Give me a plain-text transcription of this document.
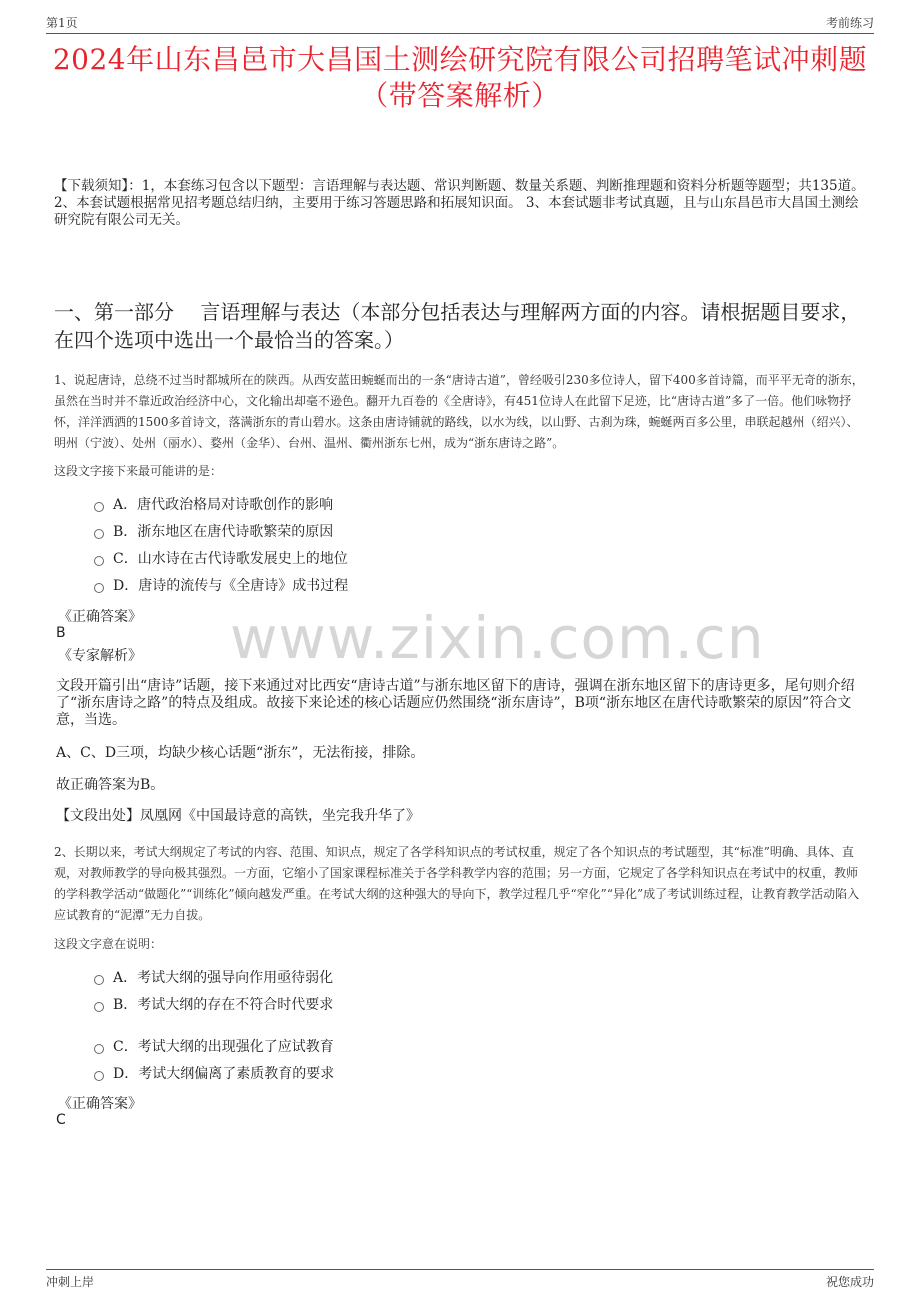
第1页	考前练习
2024年山东昌邑市大昌国土测绘研究院有限公司招聘笔试冲刺题（带答案解析）
【下载须知】：1，本套练习包含以下题型：言语理解与表达题、常识判断题、数量关系题、判断推理题和资料分析题等题型；共135道。 2、本套试题根据常见招考题总结归纳，主要用于练习答题思路和拓展知识面。 3、本套试题非考试真题，且与山东昌邑市大昌国土测绘研究院有限公司无关。
一、第一部分　 言语理解与表达（本部分包括表达与理解两方面的内容。请根据题目要求，在四个选项中选出一个最恰当的答案。）
1、说起唐诗，总绕不过当时都城所在的陕西。从西安蓝田蜿蜒而出的一条“唐诗古道”，曾经吸引230多位诗人，留下400多首诗篇，而平平无奇的浙东，虽然在当时并不靠近政治经济中心，文化输出却毫不逊色。翻开九百卷的《全唐诗》，有451位诗人在此留下足迹，比“唐诗古道”多了一倍。他们咏物抒怀，洋洋洒洒的1500多首诗文，落满浙东的青山碧水。这条由唐诗铺就的路线，以水为线，以山野、古刹为珠，蜿蜒两百多公里，串联起越州（绍兴）、明州（宁波）、处州（丽水）、婺州（金华）、台州、温州、衢州浙东七州，成为“浙东唐诗之路”。
这段文字接下来最可能讲的是：
A．唐代政治格局对诗歌创作的影响
B．浙东地区在唐代诗歌繁荣的原因
C．山水诗在古代诗歌发展史上的地位
D．唐诗的流传与《全唐诗》成书过程
《正确答案》
B
《专家解析》 www.zixin.com.cn
文段开篇引出“唐诗”话题，接下来通过对比西安“唐诗古道”与浙东地区留下的唐诗，强调在浙东地区留下的唐诗更多，尾句则介绍了“浙东唐诗之路”的特点及组成。故接下来论述的核心话题应仍然围绕“浙东唐诗”，B项“浙东地区在唐代诗歌繁荣的原因”符合文意，当选。
A、C、D三项，均缺少核心话题“浙东”，无法衔接，排除。
故正确答案为B。
【文段出处】凤凰网《中国最诗意的高铁，坐完我升华了》
2、长期以来，考试大纲规定了考试的内容、范围、知识点，规定了各学科知识点的考试权重，规定了各个知识点的考试题型，其“标准”明确、具体、直观，对教师教学的导向极其强烈。一方面，它缩小了国家课程标准关于各学科教学内容的范围；另一方面，它规定了各学科知识点在考试中的权重，教师的学科教学活动“做题化”“训练化”倾向越发严重。在考试大纲的这种强大的导向下，教学过程几乎“窄化”“异化”成了考试训练过程，让教育教学活动陷入应试教育的“泥潭”无力自拔。
这段文字意在说明：
A．考试大纲的强导向作用亟待弱化
B．考试大纲的存在不符合时代要求
C．考试大纲的出现强化了应试教育
D．考试大纲偏离了素质教育的要求
《正确答案》
C
冲刺上岸	祝您成功
